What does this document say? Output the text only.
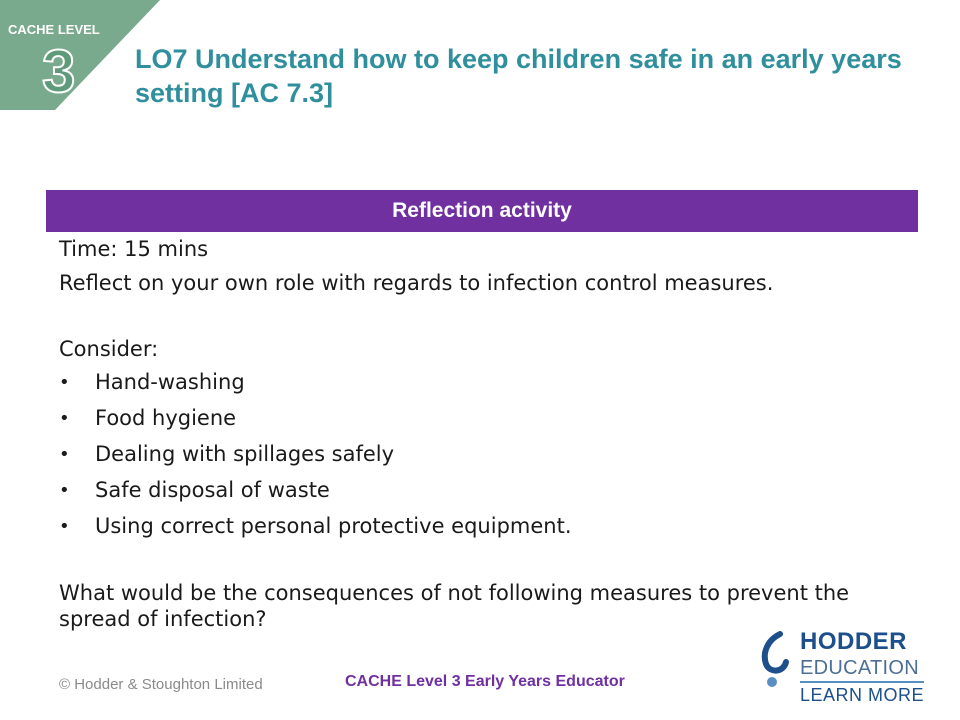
CACHE LEVEL
3 LO7 Understand how to keep children safe in an early years setting [AC 7.3]
Reflection activity
Time: 15 mins
Reflect on your own role with regards to infection control measures.
Consider:
•	Hand-washing
•	Food hygiene
•	Dealing with spillages safely
•	Safe disposal of waste
•	Using correct personal protective equipment.
What would be the consequences of not following measures to prevent the spread of infection?
© Hodder & Stoughton Limited	CACHE Level 3 Early Years Educator
HODDER
EDUCATION
LEARN MORE
